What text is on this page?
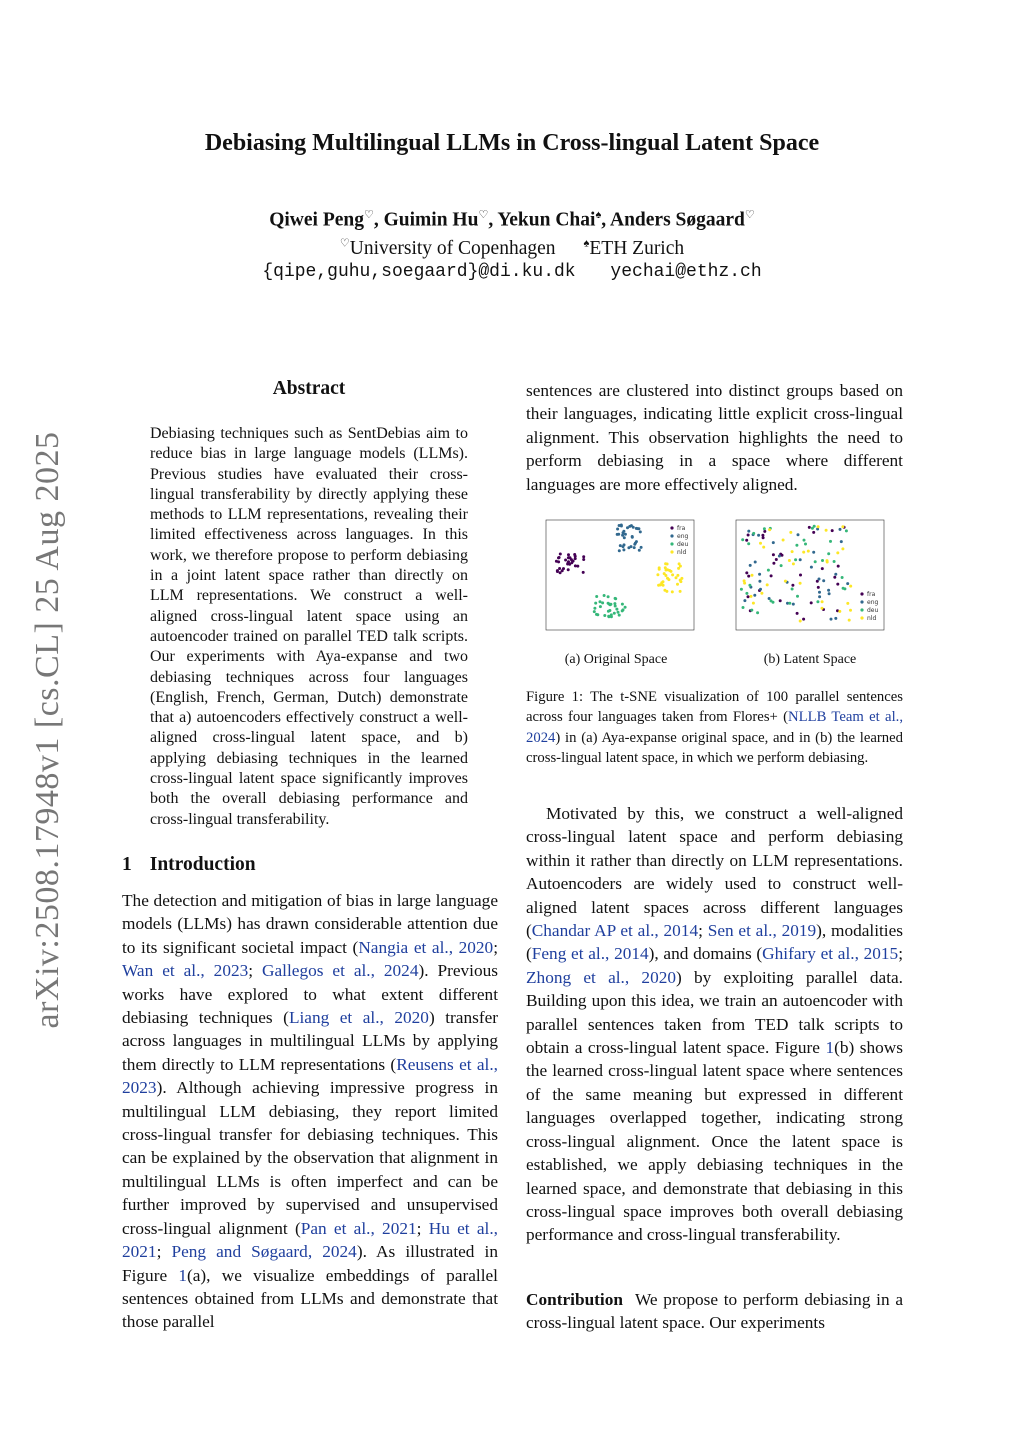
arXiv:2508.17948v1 [cs.CL] 25 Aug 2025
Debiasing Multilingual LLMs in Cross-lingual Latent Space
Qiwei Peng♡, Guimin Hu♡, Yekun Chai♠, Anders Søgaard♡
♡University of Copenhagen	♠ETH Zurich
{qipe,guhu,soegaard}@di.ku.dk yechai@ethz.ch
Abstract
Debiasing techniques such as SentDebias aim to reduce bias in large language models (LLMs). Previous studies have evaluated their cross-lingual transferability by directly applying these methods to LLM representations, revealing their limited effectiveness across languages. In this work, we therefore propose to perform debiasing in a joint latent space rather than directly on LLM representations. We construct a well-aligned cross-lingual latent space using an autoencoder trained on parallel TED talk scripts. Our experiments with Aya-expanse and two debiasing techniques across four languages (English, French, German, Dutch) demonstrate that a) autoencoders effectively construct a well-aligned cross-lingual latent space, and b) applying debiasing techniques in the learned cross-lingual latent space significantly improves both the overall debiasing performance and cross-lingual transferability.
1 Introduction
The detection and mitigation of bias in large language models (LLMs) has drawn considerable attention due to its significant societal impact (Nangia et al., 2020; Wan et al., 2023; Gallegos et al., 2024). Previous works have explored to what extent different debiasing techniques (Liang et al., 2020) transfer across languages in multilingual LLMs by applying them directly to LLM representations (Reusens et al., 2023). Although achieving impressive progress in multilingual LLM debiasing, they report limited cross-lingual transfer for debiasing techniques. This can be explained by the observation that alignment in multilingual LLMs is often imperfect and can be further improved by supervised and unsupervised cross-lingual alignment (Pan et al., 2021; Hu et al., 2021; Peng and Søgaard, 2024). As illustrated in Figure 1(a), we visualize embeddings of parallel sentences obtained from LLMs and demonstrate that those parallel
sentences are clustered into distinct groups based on their languages, indicating little explicit cross-lingual alignment. This observation highlights the need to perform debiasing in a space where different languages are more effectively aligned.
fra
eng
deu
nld
fra
eng
deu
nld
(a) Original Space	(b) Latent Space
Figure 1: The t-SNE visualization of 100 parallel sentences across four languages taken from Flores+ (NLLB Team et al., 2024) in (a) Aya-expanse original space, and in (b) the learned cross-lingual latent space, in which we perform debiasing.
Motivated by this, we construct a well-aligned cross-lingual latent space and perform debiasing within it rather than directly on LLM representations. Autoencoders are widely used to construct well-aligned latent spaces across different languages (Chandar AP et al., 2014; Sen et al., 2019), modalities (Feng et al., 2014), and domains (Ghifary et al., 2015; Zhong et al., 2020) by exploiting parallel data. Building upon this idea, we train an autoencoder with parallel sentences taken from TED talk scripts to obtain a cross-lingual latent space. Figure 1(b) shows the learned cross-lingual latent space where sentences of the same meaning but expressed in different languages overlapped together, indicating strong cross-lingual alignment. Once the latent space is established, we apply debiasing techniques in the learned space, and demonstrate that debiasing in this cross-lingual space improves both overall debiasing performance and cross-lingual transferability.
Contribution We propose to perform debiasing in a cross-lingual latent space. Our experiments
